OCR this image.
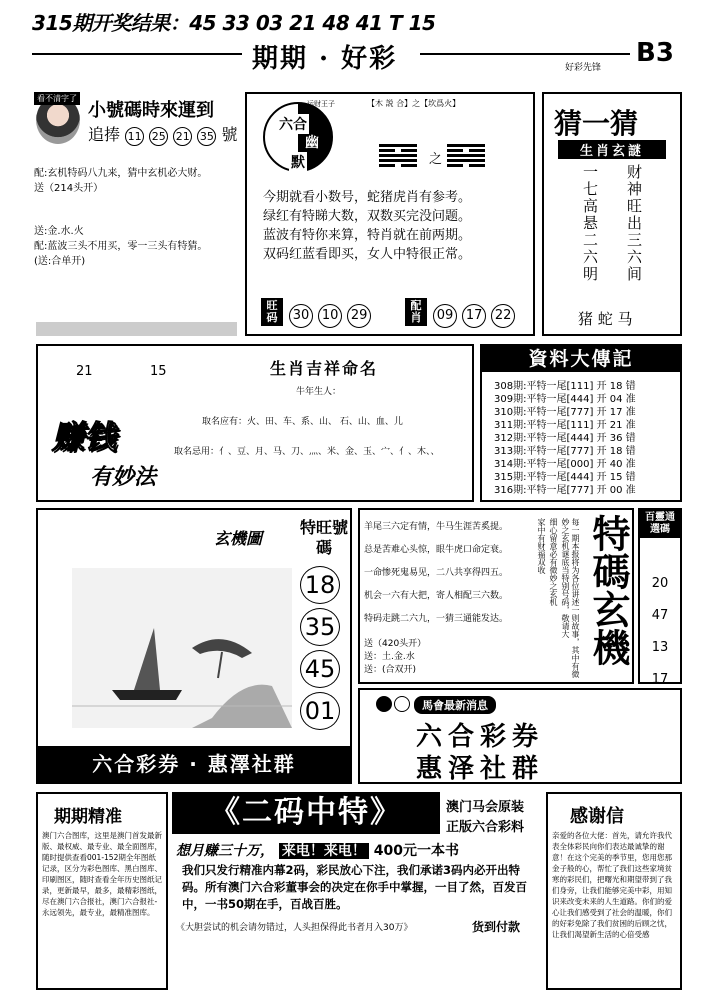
315期开奖结果：45 33 03 21 48 41 T 15
期期 · 好彩	好彩先锋 B3
看不清字了
小號碼時來運到
追捧 11 25 21 35 號
配:玄机特码八九来，猜中玄机必大财。
送（214头开）
送:金.水.火
配:蓝波三头不用买，零一三头有特猜。
(送:合单开)
运财王子
六合
幽
默
【木 説 合】之【坎爲火】
之
今期就看小数号，蛇猪虎肖有参考。
绿红有特睇大数，双数买完没问题。
蓝波有特你来算，特肖就在前两期。
双码红蓝看即买，女人中特很正常。
旺码	30 10 29
配肖	09 17 22
猜一猜
生肖玄謎
一七高悬二六明 财神旺出三六间
猪 蛇 马
21	15	生肖吉祥命名
牛年生人：
取名应有：火、田、车、系、山、 石、山、血、儿
取名忌用：亻、豆、月、马、刀、灬、米、金、玉、宀、亻、木、、
赚钱
有妙法
資料大傳記
308期:平特一尾[111] 开 18 错
309期:平特一尾[444] 开 04 准
310期:平特一尾[777] 开 17 准
311期:平特一尾[111] 开 21 准
312期:平特一尾[444] 开 36 错
313期:平特一尾[777] 开 18 错
314期:平特一尾[000] 开 40 准
315期:平特一尾[444] 开 15 错
316期:平特一尾[777] 开 00 准
玄機圖
特旺號碼
18 35 45 01
六合彩券 · 惠澤社群
羊尾三六定有情，牛马生涯苦奚提。
总是苦难心头惊，眼牛虎口命定衰。
一命惨死鬼易见，二八共享得四五。
机会一六有大把，寄人相配三六数。
特码走跳二六九，一猜三通能发达。
送（420头开）
送：土.金.水
送：(合双开)
家中有财福双收 细心留意必有微妙之玄机	每一期本报将为各位讲述一则故事，其中有微妙之玄机谜底当特别号码，敬请大 特碼玄機	百靈通選碼
20
47
13
17
馬會最新消息
六合彩券
惠泽社群
期期精准
澳门六合图库，这里是澳门首发最新版、最权威、最专业、最全面图库，随时提供查看001-152期全年图纸记录，区分为彩色图库、黑白图库、印刷图区，随时查看全年历史图纸记录，更新最早，最多，最精彩图纸，尽在澳门六合报社，澳门六合报社-永远领先，最专业，最精准图库。
《二码中特》	澳门马会原装
正版六合彩料
想月赚三十万， 来电！来电！ 400元一本书
我们只发行精准内幕2码，彩民放心下注，我们承诺3码内必开出特码。所有澳门六合彩董事会的决定在你手中掌握，一目了然，百发百中，一书50期在手，百战百胜。
《大胆尝试的机会请勿错过，人头担保得此书者月入30万》	货到付款
感谢信
亲爱的各位大佬：首先，请允许我代表全体彩民向你们表达最诚挚的谢意！在这个完美的季节里，您用您那金子般的心，帮忙了我们这些家境贫寒的彩民们，把曙光和期望带到了我们身旁，让我们能够完美中彩，用知识来改变未来的人生道路。你们的爱心让我们感受到了社会的温暖，你们的好彩免除了我们贫困的后顾之忧，让我们渴望新生活的心倍受感
